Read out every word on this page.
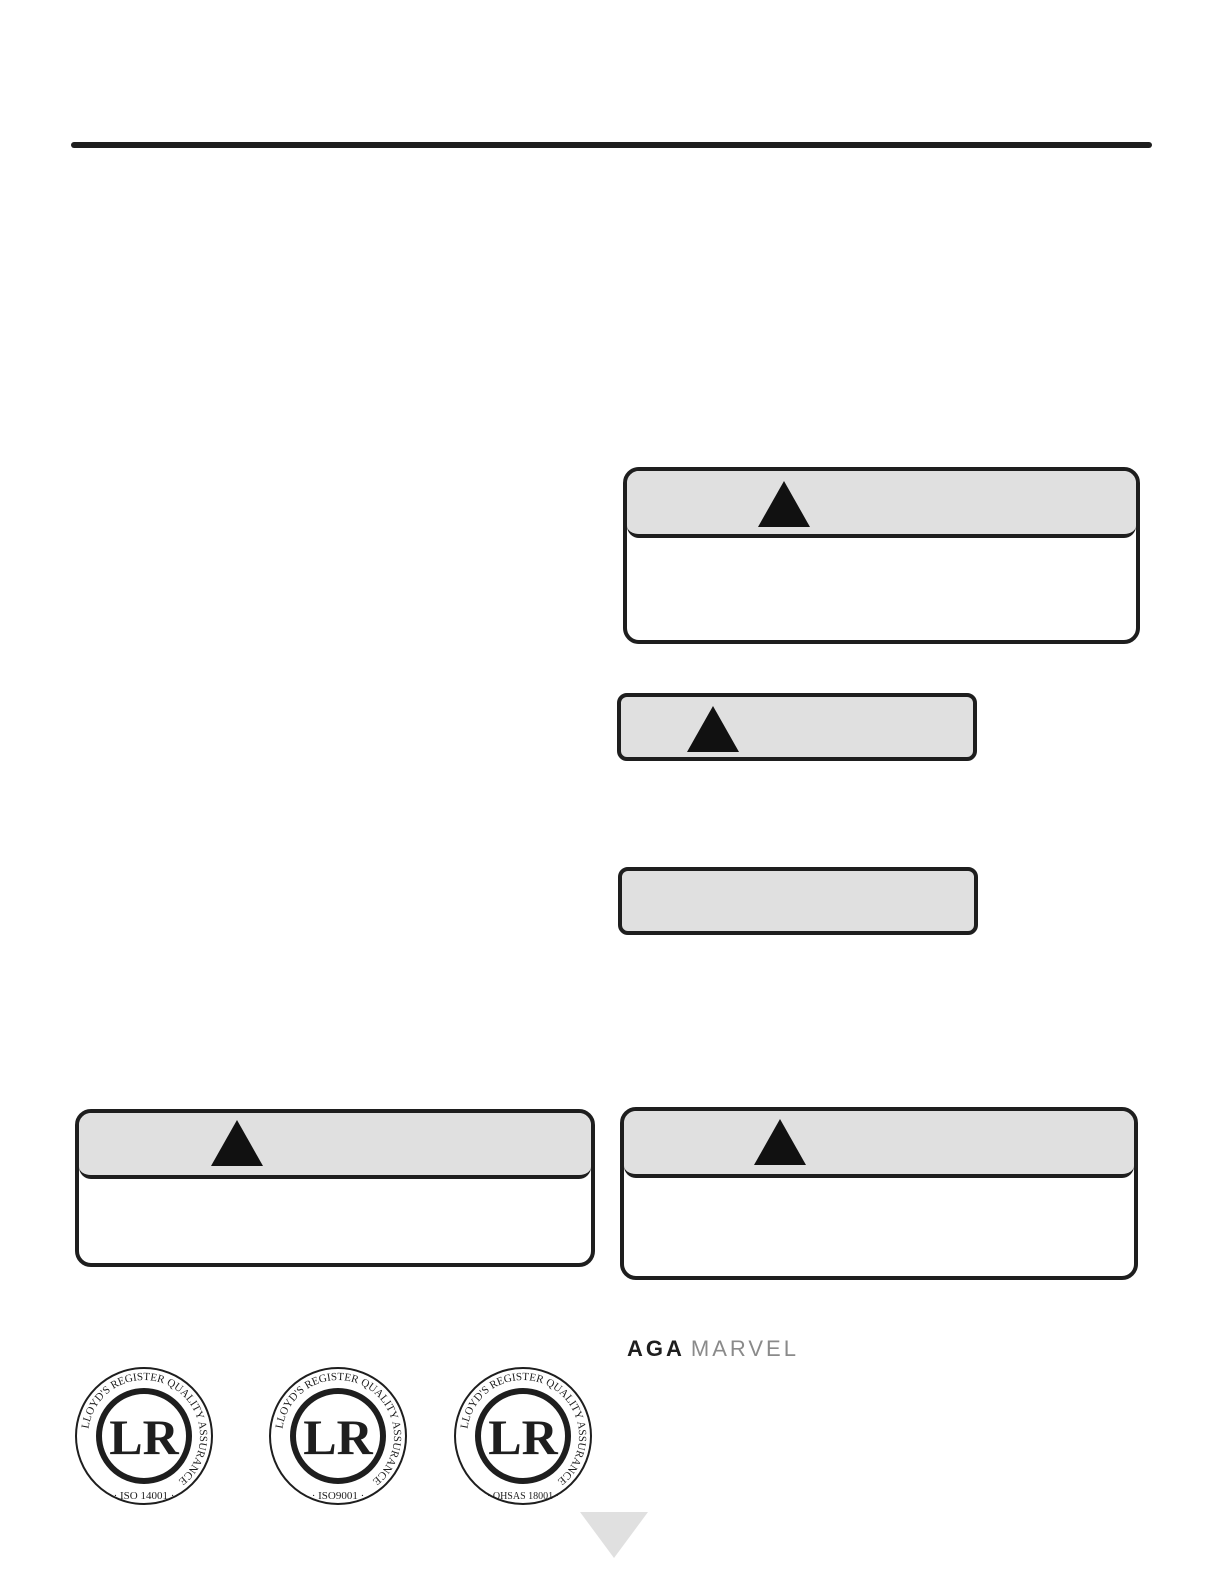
AGA MARVEL
LLOYD'S REGISTER QUALITY ASSURANCE
LR
· ISO 14001 ·
LLOYD'S REGISTER QUALITY ASSURANCE
LR
· ISO9001 ·
LLOYD'S REGISTER QUALITY ASSURANCE
LR
· OHSAS 18001 ·
